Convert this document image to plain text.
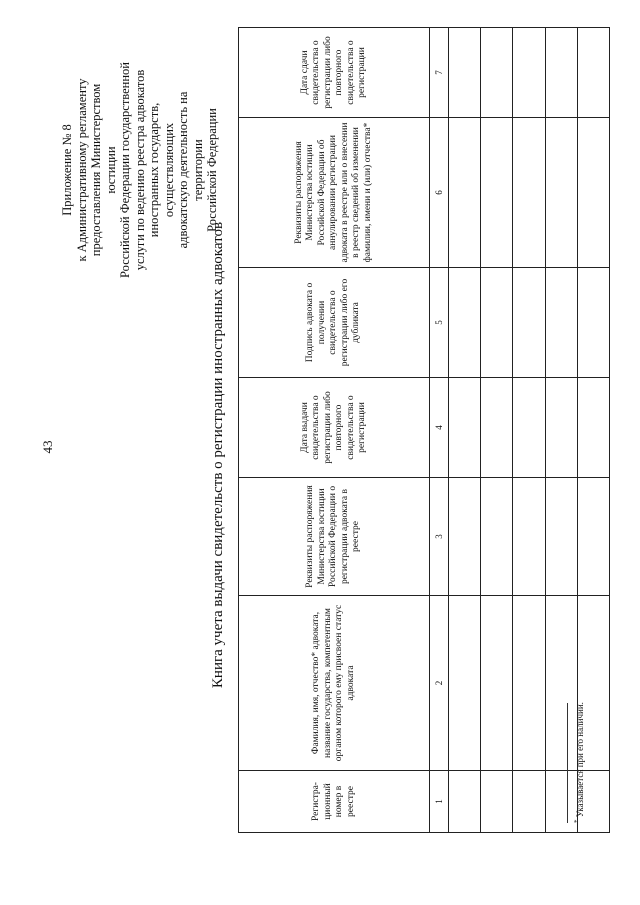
43
Приложение № 8 к Административному регламенту предоставления Министерством юстиции Российской Федерации государственной услуги по ведению реестра адвокатов иностранных государств, осуществляющих адвокатскую деятельность на территории Российской Федерации
Книга учета выдачи свидетельств о регистрации иностранных адвокатов
Регистра-ционный номер в реестре	Фамилия, имя, отчество* адвоката, название государства, компетентным органом которого ему присвоен статус адвоката	Реквизиты распоряжения Министерства юстиции Российской Федерации о регистрации адвоката в реестре	Дата выдачи свидетельства о регистрации либо повторного свидетельства о регистрации	Подпись адвоката о получении свидетельства о регистрации либо его дубликата	Реквизиты распоряжения Министерства юстиции Российской Федерации об аннулировании регистрации адвоката в реестре или о внесении в реестр сведений об изменении фамилии, имени и (или) отчества*	Дата сдачи свидетельства о регистрации либо повторного свидетельства о регистрации
1	2	3	4	5	6	7

* Указывается при его наличии.
